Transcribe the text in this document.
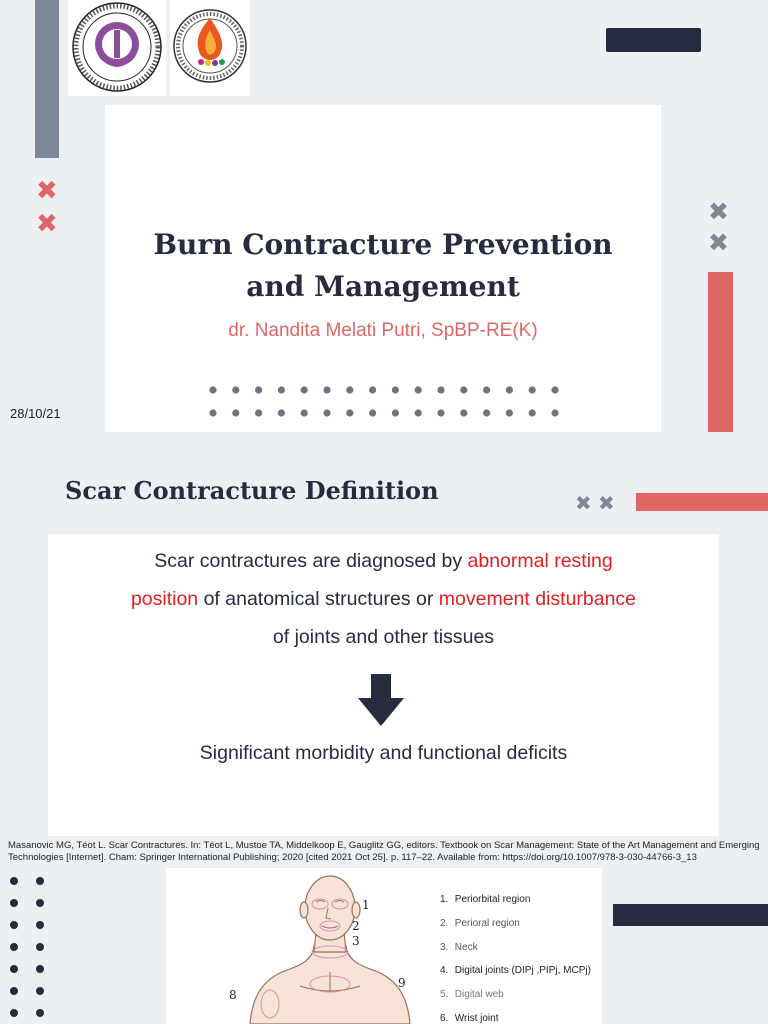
✖
✖	✖
✖
Burn Contracture Prevention
and Management
dr. Nandita Melati Putri, SpBP-RE(K)
28/10/21
Scar Contracture Definition	✖ ✖
Scar contractures are diagnosed by abnormal resting
position of anatomical structures or movement disturbance
of joints and other tissues
Significant morbidity and functional deficits
Masanovic MG, Téot L. Scar Contractures. In: Téot L, Mustoe TA, Middelkoop E, Gauglitz GG, editors. Textbook on Scar Management: State of the Art Management and Emerging Technologies [Internet]. Cham: Springer International Publishing; 2020 [cited 2021 Oct 25]. p. 117–22. Available from: https://doi.org/10.1007/978-3-030-44766-3_13
1
2
3
8
9
1. Periorbital region
2. Perioral region
3. Neck
4. Digital joints (DIPj ,PIPj, MCPj)
5. Digital web
6. Wrist joint
